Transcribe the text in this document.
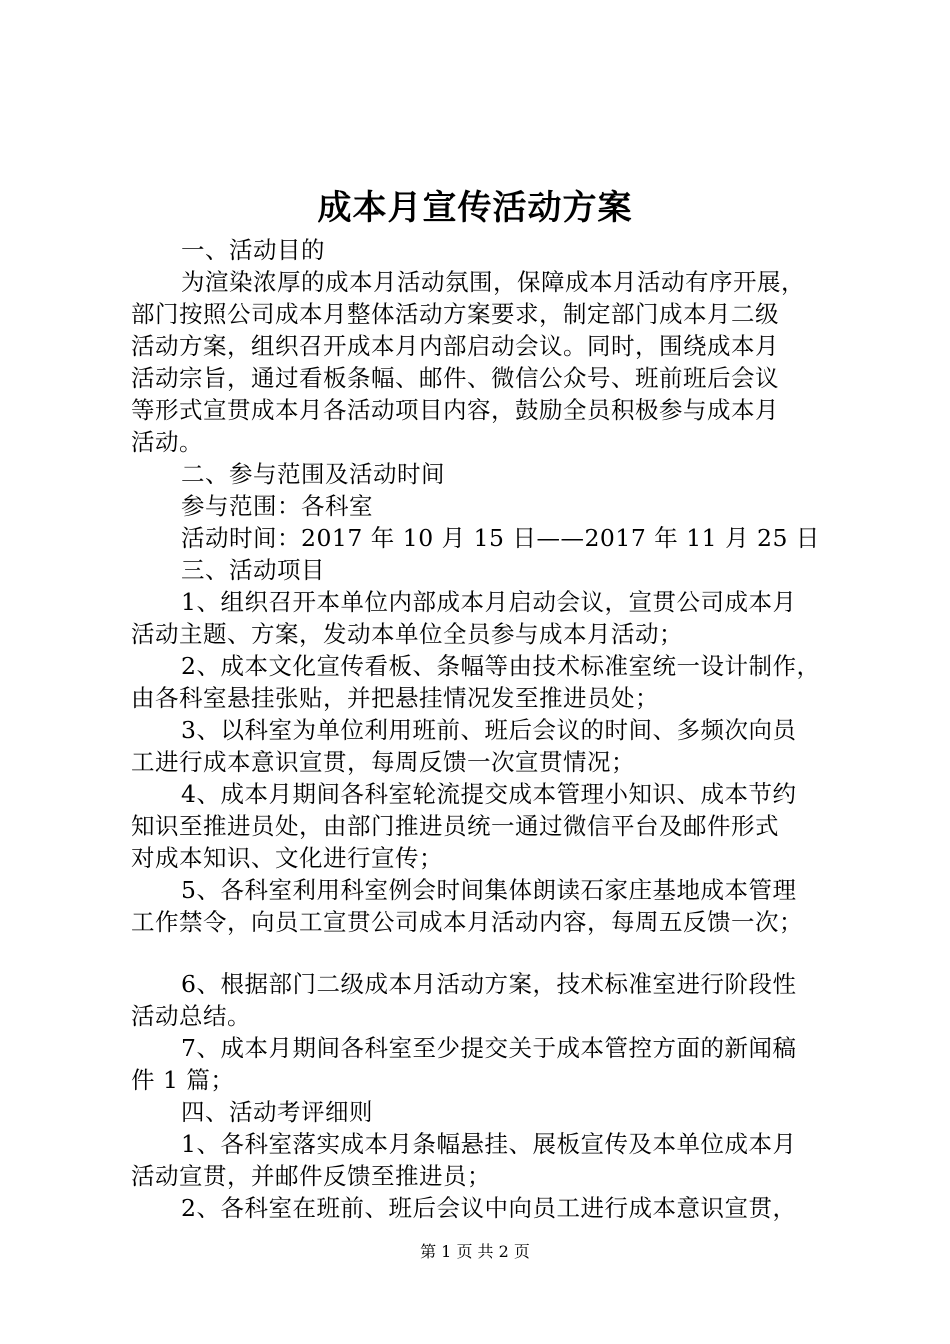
成本月宣传活动方案
一、活动目的
为渲染浓厚的成本月活动氛围，保障成本月活动有序开展，
部门按照公司成本月整体活动方案要求，制定部门成本月二级
活动方案，组织召开成本月内部启动会议。同时，围绕成本月
活动宗旨，通过看板条幅、邮件、微信公众号、班前班后会议
等形式宣贯成本月各活动项目内容，鼓励全员积极参与成本月
活动。
二、参与范围及活动时间
参与范围：各科室
活动时间：2017 年 10 月 15 日——2017 年 11 月 25 日
三、活动项目
1、组织召开本单位内部成本月启动会议，宣贯公司成本月
活动主题、方案，发动本单位全员参与成本月活动；
2、成本文化宣传看板、条幅等由技术标准室统一设计制作，
由各科室悬挂张贴，并把悬挂情况发至推进员处；
3、以科室为单位利用班前、班后会议的时间、多频次向员
工进行成本意识宣贯，每周反馈一次宣贯情况；
4、成本月期间各科室轮流提交成本管理小知识、成本节约
知识至推进员处，由部门推进员统一通过微信平台及邮件形式
对成本知识、文化进行宣传；
5、各科室利用科室例会时间集体朗读石家庄基地成本管理
工作禁令，向员工宣贯公司成本月活动内容，每周五反馈一次；
6、根据部门二级成本月活动方案，技术标准室进行阶段性
活动总结。
7、成本月期间各科室至少提交关于成本管控方面的新闻稿
件 1 篇；
四、活动考评细则
1、各科室落实成本月条幅悬挂、展板宣传及本单位成本月
活动宣贯，并邮件反馈至推进员；
2、各科室在班前、班后会议中向员工进行成本意识宣贯，
第 1 页 共 2 页
